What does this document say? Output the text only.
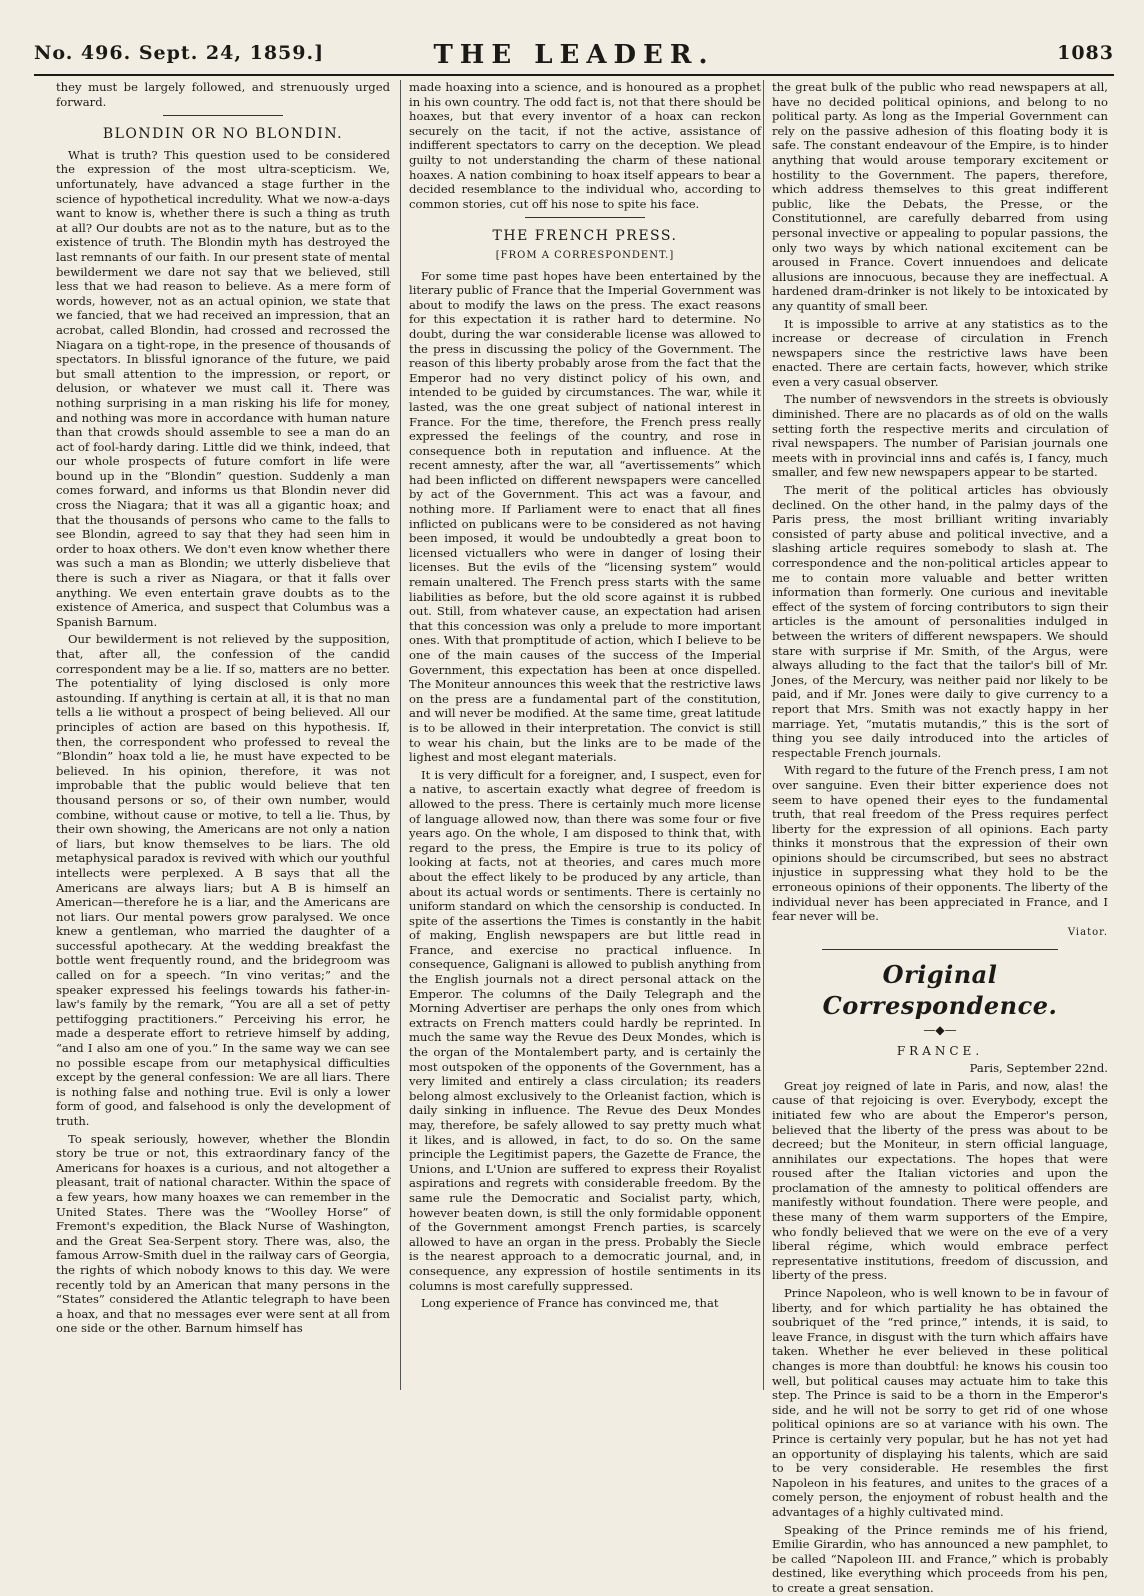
No. 496. Sept. 24, 1859.]	THE LEADER.	1083

they must be largely followed, and strenuously urged forward.

BLONDIN OR NO BLONDIN.

What is truth? This question used to be considered the expression of the most ultra-scepticism. We, unfortunately, have advanced a stage further in the science of hypothetical incredulity. What we now-a-days want to know is, whether there is such a thing as truth at all? Our doubts are not as to the nature, but as to the existence of truth. The Blondin myth has destroyed the last remnants of our faith. In our present state of mental bewilderment we dare not say that we believed, still less that we had reason to believe. As a mere form of words, however, not as an actual opinion, we state that we fancied, that we had received an impression, that an acrobat, called Blondin, had crossed and recrossed the Niagara on a tight-rope, in the presence of thousands of spectators. In blissful ignorance of the future, we paid but small attention to the impression, or report, or delusion, or whatever we must call it. There was nothing surprising in a man risking his life for money, and nothing was more in accordance with human nature than that crowds should assemble to see a man do an act of fool-hardy daring. Little did we think, indeed, that our whole prospects of future comfort in life were bound up in the “Blondin” question. Suddenly a man comes forward, and informs us that Blondin never did cross the Niagara; that it was all a gigantic hoax; and that the thousands of persons who came to the falls to see Blondin, agreed to say that they had seen him in order to hoax others. We don't even know whether there was such a man as Blondin; we utterly disbelieve that there is such a river as Niagara, or that it falls over anything. We even entertain grave doubts as to the existence of America, and suspect that Columbus was a Spanish Barnum.

Our bewilderment is not relieved by the supposition, that, after all, the confession of the candid correspondent may be a lie. If so, matters are no better. The potentiality of lying disclosed is only more astounding. If anything is certain at all, it is that no man tells a lie without a prospect of being believed. All our principles of action are based on this hypothesis. If, then, the correspondent who professed to reveal the “Blondin” hoax told a lie, he must have expected to be believed. In his opinion, therefore, it was not improbable that the public would believe that ten thousand persons or so, of their own number, would combine, without cause or motive, to tell a lie. Thus, by their own showing, the Americans are not only a nation of liars, but know themselves to be liars. The old metaphysical paradox is revived with which our youthful intellects were perplexed. A B says that all the Americans are always liars; but A B is himself an American—therefore he is a liar, and the Americans are not liars. Our mental powers grow paralysed. We once knew a gentleman, who married the daughter of a successful apothecary. At the wedding breakfast the bottle went frequently round, and the bridegroom was called on for a speech. “In vino veritas;” and the speaker expressed his feelings towards his father-in-law's family by the remark, “You are all a set of petty pettifogging practitioners.” Perceiving his error, he made a desperate effort to retrieve himself by adding, “and I also am one of you.” In the same way we can see no possible escape from our metaphysical difficulties except by the general confession: We are all liars. There is nothing false and nothing true. Evil is only a lower form of good, and falsehood is only the development of truth.

To speak seriously, however, whether the Blondin story be true or not, this extraordinary fancy of the Americans for hoaxes is a curious, and not altogether a pleasant, trait of national character. Within the space of a few years, how many hoaxes we can remember in the United States. There was the “Woolley Horse” of Fremont's expedition, the Black Nurse of Washington, and the Great Sea-Serpent story. There was, also, the famous Arrow-Smith duel in the railway cars of Georgia, the rights of which nobody knows to this day. We were recently told by an American that many persons in the “States” considered the Atlantic telegraph to have been a hoax, and that no messages ever were sent at all from one side or the other. Barnum himself has

made hoaxing into a science, and is honoured as a prophet in his own country. The odd fact is, not that there should be hoaxes, but that every inventor of a hoax can reckon securely on the tacit, if not the active, assistance of indifferent spectators to carry on the deception. We plead guilty to not understanding the charm of these national hoaxes. A nation combining to hoax itself appears to bear a decided resemblance to the individual who, according to common stories, cut off his nose to spite his face.

THE FRENCH PRESS.
[FROM A CORRESPONDENT.]

For some time past hopes have been entertained by the literary public of France that the Imperial Government was about to modify the laws on the press. The exact reasons for this expectation it is rather hard to determine. No doubt, during the war considerable license was allowed to the press in discussing the policy of the Government. The reason of this liberty probably arose from the fact that the Emperor had no very distinct policy of his own, and intended to be guided by circumstances. The war, while it lasted, was the one great subject of national interest in France. For the time, therefore, the French press really expressed the feelings of the country, and rose in consequence both in reputation and influence. At the recent amnesty, after the war, all “avertissements” which had been inflicted on different newspapers were cancelled by act of the Government. This act was a favour, and nothing more. If Parliament were to enact that all fines inflicted on publicans were to be considered as not having been imposed, it would be undoubtedly a great boon to licensed victuallers who were in danger of losing their licenses. But the evils of the “licensing system” would remain unaltered. The French press starts with the same liabilities as before, but the old score against it is rubbed out. Still, from whatever cause, an expectation had arisen that this concession was only a prelude to more important ones. With that promptitude of action, which I believe to be one of the main causes of the success of the Imperial Government, this expectation has been at once dispelled. The Moniteur announces this week that the restrictive laws on the press are a fundamental part of the constitution, and will never be modified. At the same time, great latitude is to be allowed in their interpretation. The convict is still to wear his chain, but the links are to be made of the lighest and most elegant materials.

It is very difficult for a foreigner, and, I suspect, even for a native, to ascertain exactly what degree of freedom is allowed to the press. There is certainly much more license of language allowed now, than there was some four or five years ago. On the whole, I am disposed to think that, with regard to the press, the Empire is true to its policy of looking at facts, not at theories, and cares much more about the effect likely to be produced by any article, than about its actual words or sentiments. There is certainly no uniform standard on which the censorship is conducted. In spite of the assertions the Times is constantly in the habit of making, English newspapers are but little read in France, and exercise no practical influence. In consequence, Galignani is allowed to publish anything from the English journals not a direct personal attack on the Emperor. The columns of the Daily Telegraph and the Morning Advertiser are perhaps the only ones from which extracts on French matters could hardly be reprinted. In much the same way the Revue des Deux Mondes, which is the organ of the Montalembert party, and is certainly the most outspoken of the opponents of the Government, has a very limited and entirely a class circulation; its readers belong almost exclusively to the Orleanist faction, which is daily sinking in influence. The Revue des Deux Mondes may, therefore, be safely allowed to say pretty much what it likes, and is allowed, in fact, to do so. On the same principle the Legitimist papers, the Gazette de France, the Unions, and L'Union are suffered to express their Royalist aspirations and regrets with considerable freedom. By the same rule the Democratic and Socialist party, which, however beaten down, is still the only formidable opponent of the Government amongst French parties, is scarcely allowed to have an organ in the press. Probably the Siecle is the nearest approach to a democratic journal, and, in consequence, any expression of hostile sentiments in its columns is most carefully suppressed.

Long experience of France has convinced me, that

the great bulk of the public who read newspapers at all, have no decided political opinions, and belong to no political party. As long as the Imperial Government can rely on the passive adhesion of this floating body it is safe. The constant endeavour of the Empire, is to hinder anything that would arouse temporary excitement or hostility to the Government. The papers, therefore, which address themselves to this great indifferent public, like the Debats, the Presse, or the Constitutionnel, are carefully debarred from using personal invective or appealing to popular passions, the only two ways by which national excitement can be aroused in France. Covert innuendoes and delicate allusions are innocuous, because they are ineffectual. A hardened dram-drinker is not likely to be intoxicated by any quantity of small beer.

It is impossible to arrive at any statistics as to the increase or decrease of circulation in French newspapers since the restrictive laws have been enacted. There are certain facts, however, which strike even a very casual observer.

The number of newsvendors in the streets is obviously diminished. There are no placards as of old on the walls setting forth the respective merits and circulation of rival newspapers. The number of Parisian journals one meets with in provincial inns and cafés is, I fancy, much smaller, and few new newspapers appear to be started.

The merit of the political articles has obviously declined. On the other hand, in the palmy days of the Paris press, the most brilliant writing invariably consisted of party abuse and political invective, and a slashing article requires somebody to slash at. The correspondence and the non-political articles appear to me to contain more valuable and better written information than formerly. One curious and inevitable effect of the system of forcing contributors to sign their articles is the amount of personalities indulged in between the writers of different newspapers. We should stare with surprise if Mr. Smith, of the Argus, were always alluding to the fact that the tailor's bill of Mr. Jones, of the Mercury, was neither paid nor likely to be paid, and if Mr. Jones were daily to give currency to a report that Mrs. Smith was not exactly happy in her marriage. Yet, “mutatis mutandis,” this is the sort of thing you see daily introduced into the articles of respectable French journals.

With regard to the future of the French press, I am not over sanguine. Even their bitter experience does not seem to have opened their eyes to the fundamental truth, that real freedom of the Press requires perfect liberty for the expression of all opinions. Each party thinks it monstrous that the expression of their own opinions should be circumscribed, but sees no abstract injustice in suppressing what they hold to be the erroneous opinions of their opponents. The liberty of the individual never has been appreciated in France, and I fear never will be.

Viator.
Original Correspondence.
—◆—
FRANCE.

Paris, September 22nd.

Great joy reigned of late in Paris, and now, alas! the cause of that rejoicing is over. Everybody, except the initiated few who are about the Emperor's person, believed that the liberty of the press was about to be decreed; but the Moniteur, in stern official language, annihilates our expectations. The hopes that were roused after the Italian victories and upon the proclamation of the amnesty to political offenders are manifestly without foundation. There were people, and these many of them warm supporters of the Empire, who fondly believed that we were on the eve of a very liberal régime, which would embrace perfect representative institutions, freedom of discussion, and liberty of the press.

Prince Napoleon, who is well known to be in favour of liberty, and for which partiality he has obtained the soubriquet of the “red prince,” intends, it is said, to leave France, in disgust with the turn which affairs have taken. Whether he ever believed in these political changes is more than doubtful: he knows his cousin too well, but political causes may actuate him to take this step. The Prince is said to be a thorn in the Emperor's side, and he will not be sorry to get rid of one whose political opinions are so at variance with his own. The Prince is certainly very popular, but he has not yet had an opportunity of displaying his talents, which are said to be very considerable. He resembles the first Napoleon in his features, and unites to the graces of a comely person, the enjoyment of robust health and the advantages of a highly cultivated mind.

Speaking of the Prince reminds me of his friend, Emilie Girardin, who has announced a new pamphlet, to be called “Napoleon III. and France,” which is probably destined, like everything which proceeds from his pen, to create a great sensation.
